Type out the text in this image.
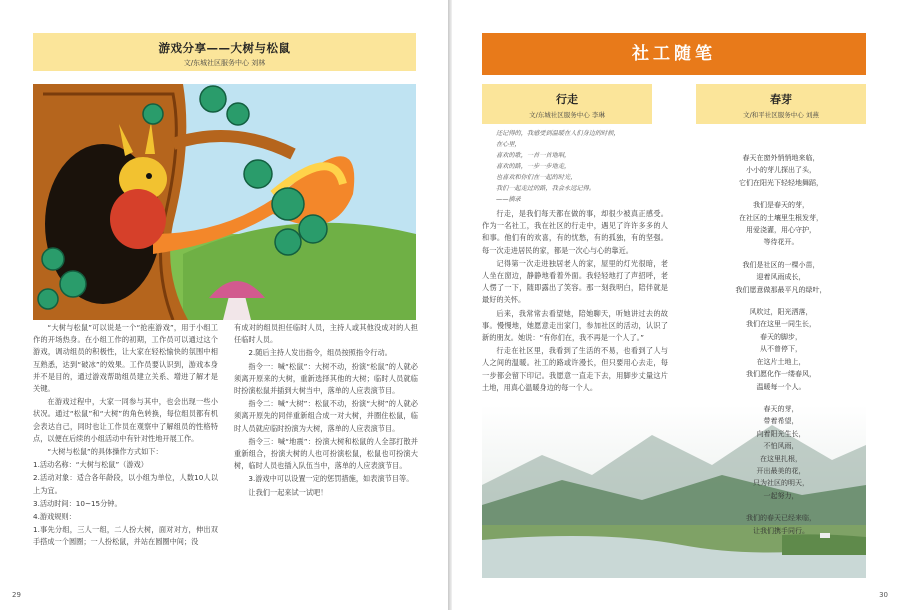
游戏分享——大树与松鼠
文/东城社区服务中心 刘林

“大树与松鼠”可以说是一个“抢座游戏”，用于小组工作的开场热身。在小组工作的初期，工作员可以通过这个游戏，调动组员的积极性，让大家在轻松愉快的氛围中相互熟悉，达到“破冰”的效果。工作员要认识到，游戏本身并不是目的，通过游戏帮助组员建立关系、增进了解才是关键。

在游戏过程中，大家一同参与其中，也会出现一些小状况。通过“松鼠”和“大树”的角色转换，每位组员都有机会表达自己，同时也让工作员在观察中了解组员的性格特点，以便在后续的小组活动中有针对性地开展工作。

“大树与松鼠”的具体操作方式如下：

1.活动名称：“大树与松鼠”（游戏）

2.活动对象：适合各年龄段，以小组为单位，人数10人以上为宜。

3.活动时间：10~15分钟。

4.游戏规则：

1.事先分组，三人一组，二人扮大树，面对对方，伸出双手搭成一个圆圈；一人扮松鼠，并站在圆圈中间；没

有成对的组员担任临时人员，主持人或其他没成对的人担任临时人员。

2.随后主持人发出指令，组员按照指令行动。

指令一：喊“松鼠”：大树不动，扮演“松鼠”的人就必须离开原来的大树，重新选择其他的大树；临时人员就临时扮演松鼠并插到大树当中，落单的人应表演节目。

指令二：喊“大树”：松鼠不动，扮演“大树”的人就必须离开原先的同伴重新组合成一对大树，并圈住松鼠，临时人员就应临时扮演为大树，落单的人应表演节目。

指令三：喊“地震”：扮演大树和松鼠的人全部打散并重新组合，扮演大树的人也可扮演松鼠，松鼠也可扮演大树，临时人员也插入队伍当中，落单的人应表演节目。

3.游戏中可以设置一定的惩罚措施，如表演节目等。

让我们一起来试一试吧！

29
社工随笔
行走
文/东城社区服务中心 李琳
春芽
文/和平社区服务中心 刘燕
还记得的，我感受到温暖在人们身边的时候，
在心里，
喜欢的歌，一首一首地唱，
喜欢的路，一步一步地走，
也喜欢和你们在一起的时光，
我们一起走过的路，我会永远记得。
——摘录

行走，是我们每天都在做的事，却很少被真正感受。作为一名社工，我在社区的行走中，遇见了许许多多的人和事。他们有的欢喜，有的忧愁，有的孤独，有的坚强。每一次走进居民的家，都是一次心与心的靠近。

记得第一次走进独居老人的家，屋里的灯光很暗，老人坐在窗边，静静地看着外面。我轻轻地打了声招呼，老人愣了一下，随即露出了笑容。那一刻我明白，陪伴就是最好的关怀。

后来，我常常去看望她，陪她聊天，听她讲过去的故事。慢慢地，她愿意走出家门，参加社区的活动，认识了新的朋友。她说：“有你们在，我不再是一个人了。”

行走在社区里，我看到了生活的不易，也看到了人与人之间的温暖。社工的路或许漫长，但只要用心去走，每一步都会留下印记。我愿意一直走下去，用脚步丈量这片土地，用真心温暖身边的每一个人。

春天在窗外悄悄地来临，
小小的芽儿探出了头，
它们在阳光下轻轻地舞蹈，
我们是春天的芽，
在社区的土壤里生根发芽，
用爱浇灌，用心守护，
等待花开。
我们是社区的一棵小苗，
迎着风雨成长，
我们愿意做那最平凡的绿叶，
风吹过，阳光洒落，
我们在这里一同生长，
春天的脚步，
从不曾停下，
在这片土地上，
我们愿化作一缕春风，
温暖每一个人。
春天的芽，
带着希望，
向着阳光生长，
不怕风雨，
在这里扎根，
开出最美的花，
只为社区的明天，
一起努力，
我们的春天已经来临，
让我们携手同行。
30
